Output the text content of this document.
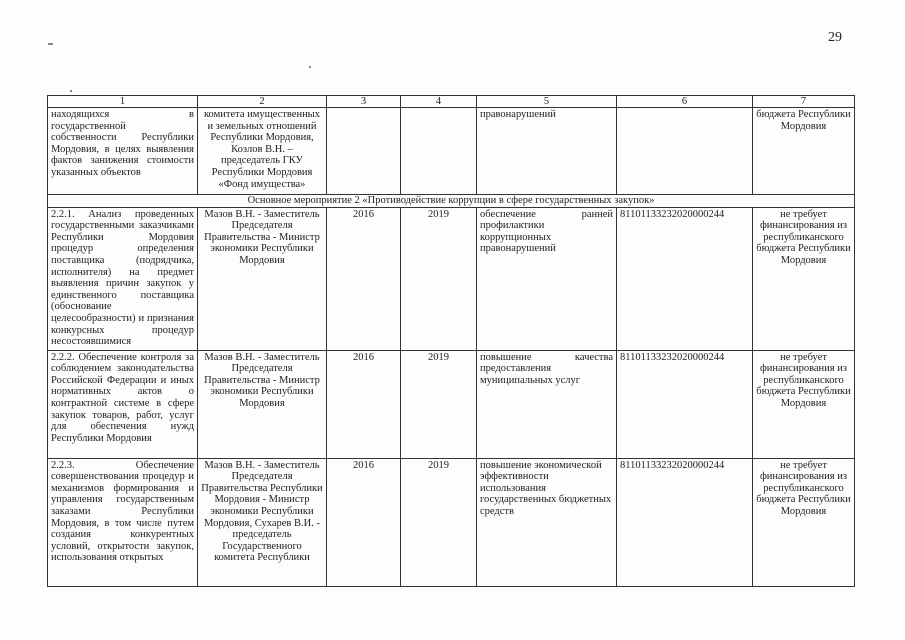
29
1	2	3	4	5	6	7
находящихся в государственной собственности Республики Мордовия, в целях выявления фактов занижения стоимости указанных объектов	комитета имущественных и земельных отношений Республики Мордовия, Козлов В.Н. – председатель ГКУ Республики Мордовия «Фонд имущества»			правонарушений		бюджета Республики Мордовия
Основное мероприятие 2 «Противодействие коррупции в сфере государственных закупок»						
2.2.1. Анализ проведенных государственными заказчиками Республики Мордовия процедур определения поставщика (подрядчика, исполнителя) на предмет выявления причин закупок у единственного поставщика (обоснование целесообразности) и признания конкурсных процедур несостоявшимися	Мазов В.Н. - Заместитель Председателя Правительства - Министр экономики Республики Мордовия	2016	2019	обеспечение ранней профилактики коррупционных правонарушений	81101133232020000244	не требует финансирования из республиканского бюджета Республики Мордовия
2.2.2. Обеспечение контроля за соблюдением законодательства Российской Федерации и иных нормативных актов о контрактной системе в сфере закупок товаров, работ, услуг для обеспечения нужд Республики Мордовия	Мазов В.Н. - Заместитель Председателя Правительства - Министр экономики Республики Мордовия	2016	2019	повышение качества предоставления муниципальных услуг	81101133232020000244	не требует финансирования из республиканского бюджета Республики Мордовия
2.2.3. Обеспечение совершенствования процедур и механизмов формирования и управления государственным заказами Республики Мордовия, в том числе путем создания конкурентных условий, открытости закупок, использования открытых	Мазов В.Н. - Заместитель Председателя Правительства Республики Мордовия - Министр экономики Республики Мордовия, Сухарев В.И. - председатель Государственного комитета Республики	2016	2019	повышение экономической эффективности использования государственных бюджетных средств	81101133232020000244	не требует финансирования из республиканского бюджета Республики Мордовия
